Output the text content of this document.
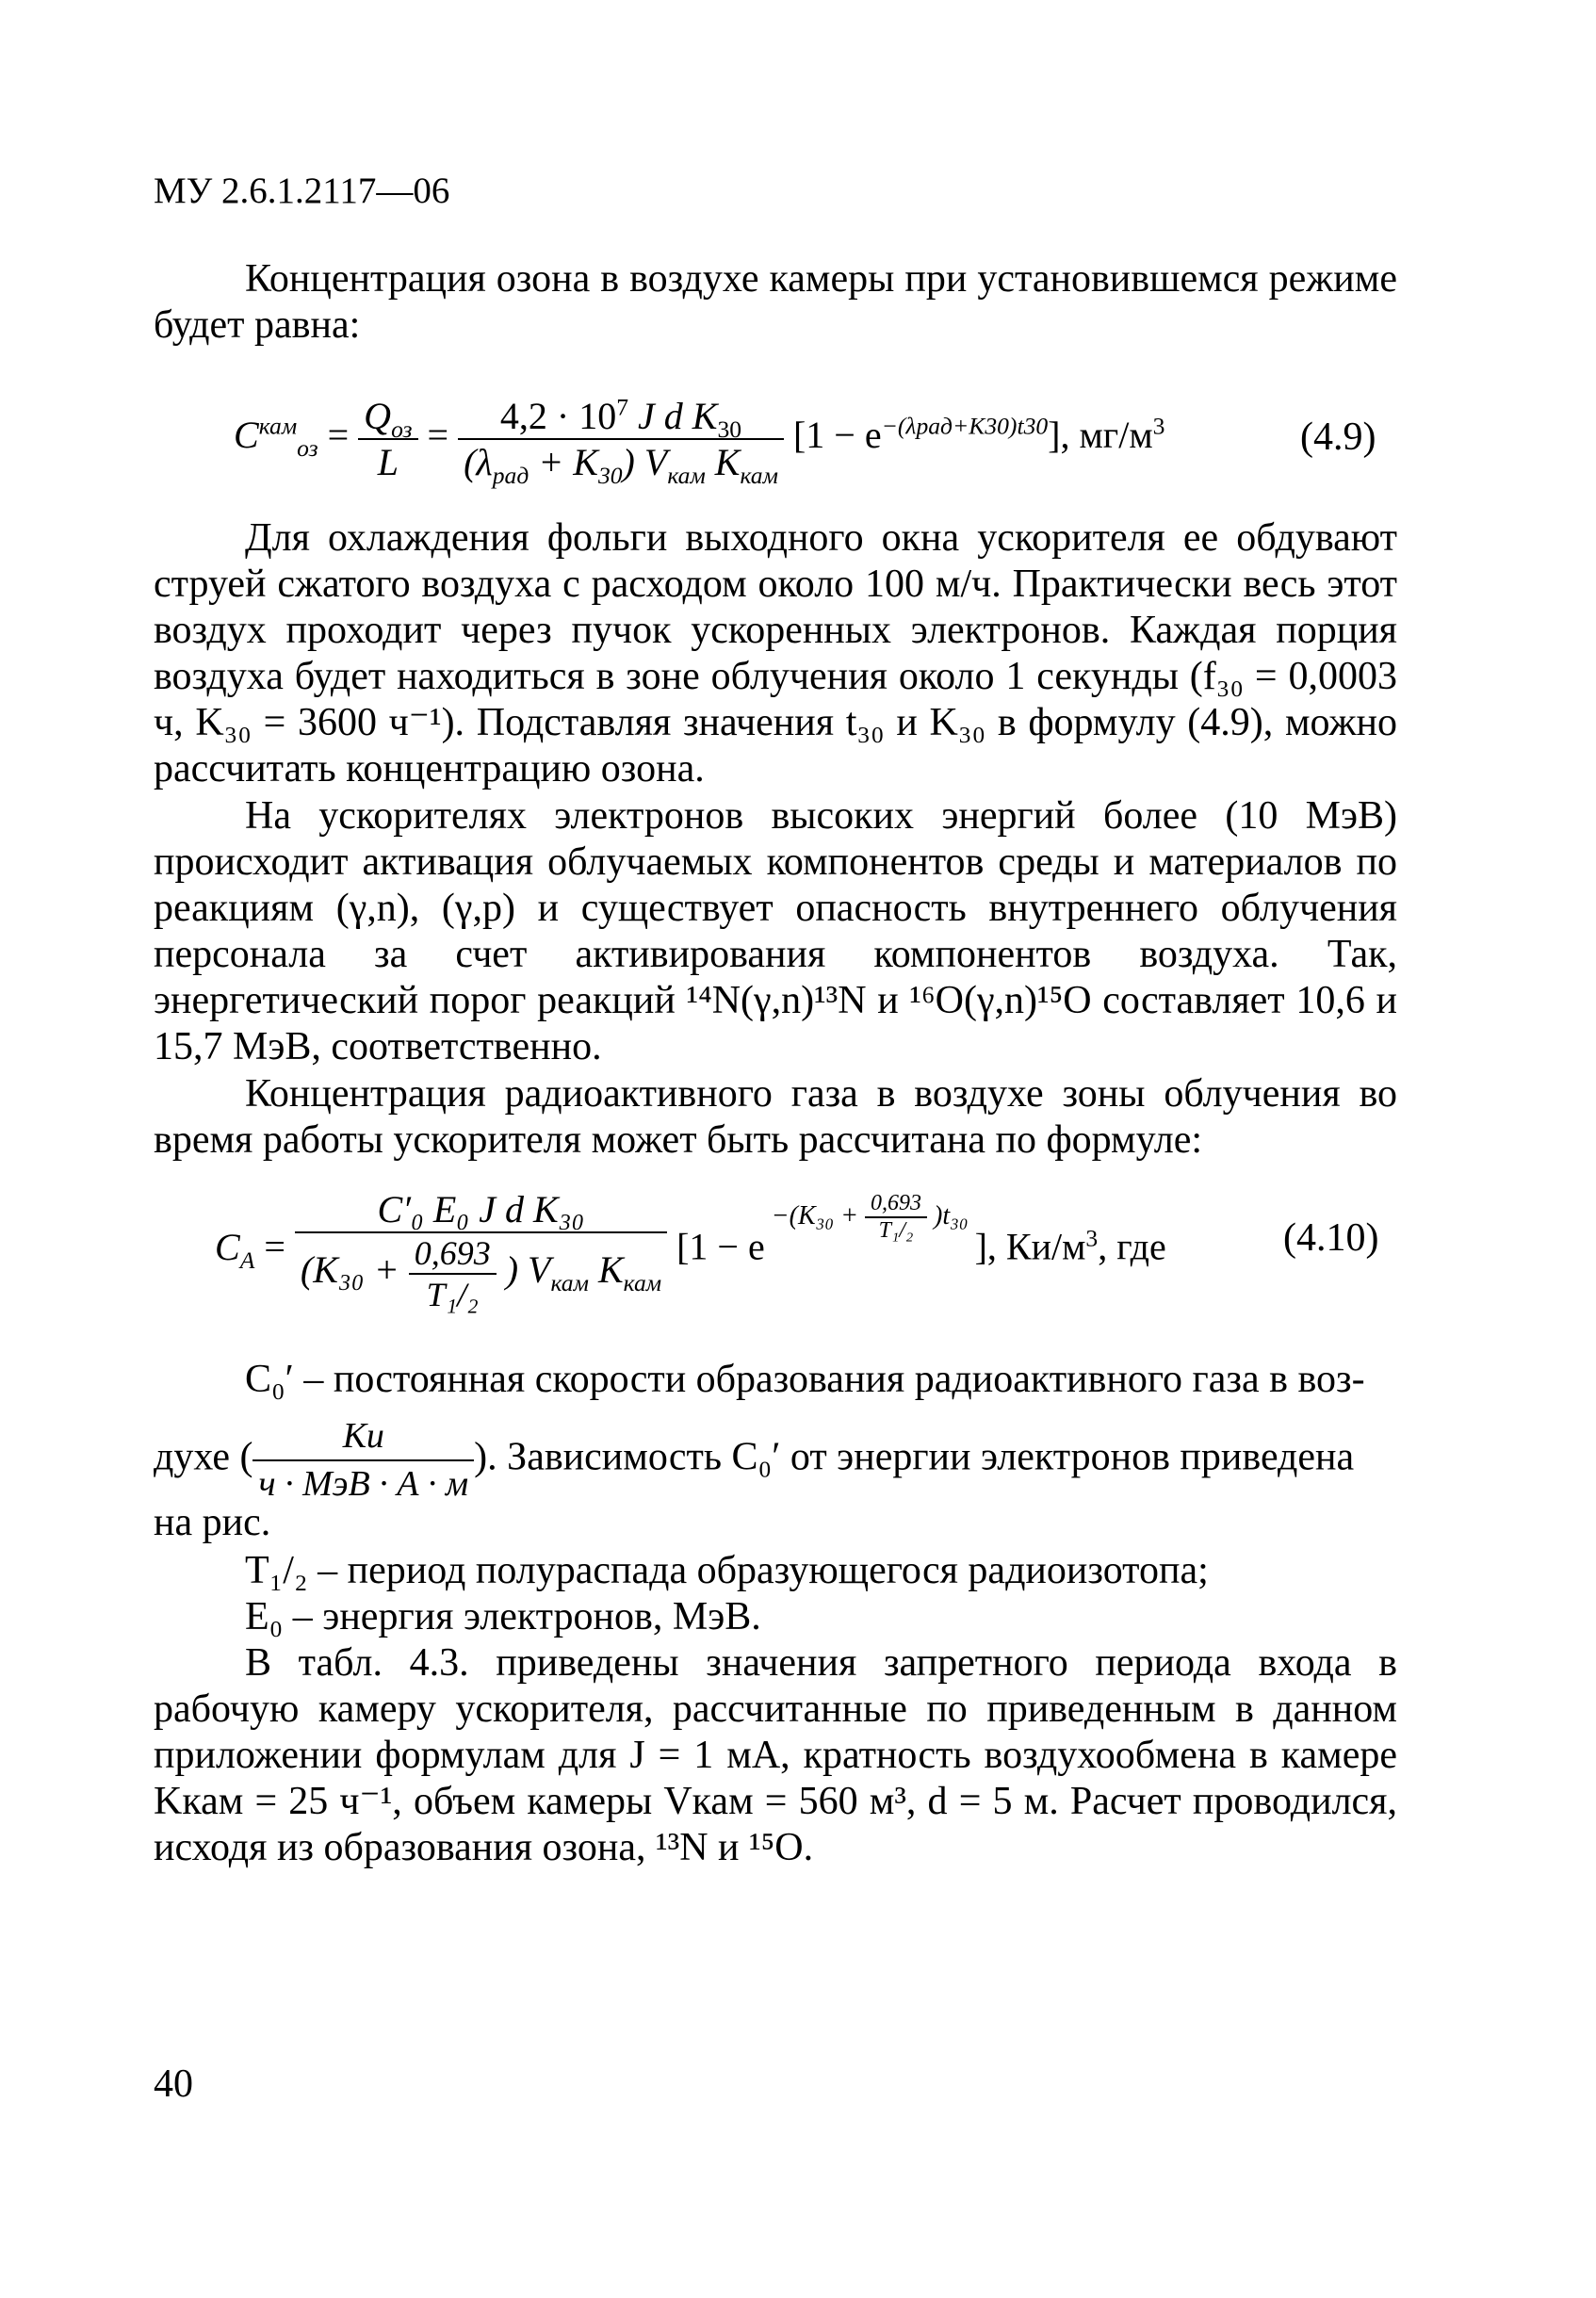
МУ 2.6.1.2117—06
Концентрация озона в воздухе камеры при установившемся режиме будет равна:
$C^{кам}_{оз} = \frac{Q_{оз}}{L} = \frac{4,2 \cdot 10^7 J d K_{30}}{(\lambda_{рад} + K_{30}) V_{кам} K_{кам}} [1 - e^{-(\lambda рад+K30)t30}]$, $мг/м^3$	(4.9)
Для охлаждения фольги выходного окна ускорителя ее обдувают струей сжатого воздуха с расходом около 100 м/ч. Практически весь этот воздух проходит через пучок ускоренных электронов. Каждая порция воздуха будет находиться в зоне облучения около 1 секунды (f₃₀ = 0,0003 ч, K₃₀ = 3600 ч⁻¹). Подставляя значения t₃₀ и K₃₀ в формулу (4.9), можно рассчитать концентрацию озона.
На ускорителях электронов высоких энергий более (10 МэВ) происходит активация облучаемых компонентов среды и материалов по реакциям (γ,n), (γ,p) и существует опасность внутреннего облучения персонала за счет активирования компонентов воздуха. Так, энергетический порог реакций ¹⁴N(γ,n)¹³N и ¹⁶O(γ,n)¹⁵O составляет 10,6 и 15,7 МэВ, соответственно.
Концентрация радиоактивного газа в воздухе зоны облучения во время работы ускорителя может быть рассчитана по формуле:
$C_A$ =
C′₀ E₀ J d K₃₀
($K_{30} + \frac{0,693}{\text{T₁/₂}}$ ) $V_{кам}$ $K_{кам}$
[1 − e $^{-(K_{30} + \frac{0,693}{\text{T₁/₂}} )t_{30}}$ ], $Ки/м^3$, где	(4.10)
C₀′ – постоянная скорости образования радиоактивного газа в воз-
духе ( $\frac{Ки}{\text{ч · МэВ · А · м}}$ ). Зависимость C₀′ от энергии электронов приведена
на рис.
T₁/₂ – период полураспада образующегося радиоизотопа;
E₀ – энергия электронов, МэВ.
В табл. 4.3. приведены значения запретного периода входа в рабочую камеру ускорителя, рассчитанные по приведенным в данном приложении формулам для J = 1 мА, кратность воздухообмена в камере Kкам = 25 ч⁻¹, объем камеры Vкам = 560 м³, d = 5 м. Расчет проводился, исходя из образования озона, ¹³N и ¹⁵O.
40
